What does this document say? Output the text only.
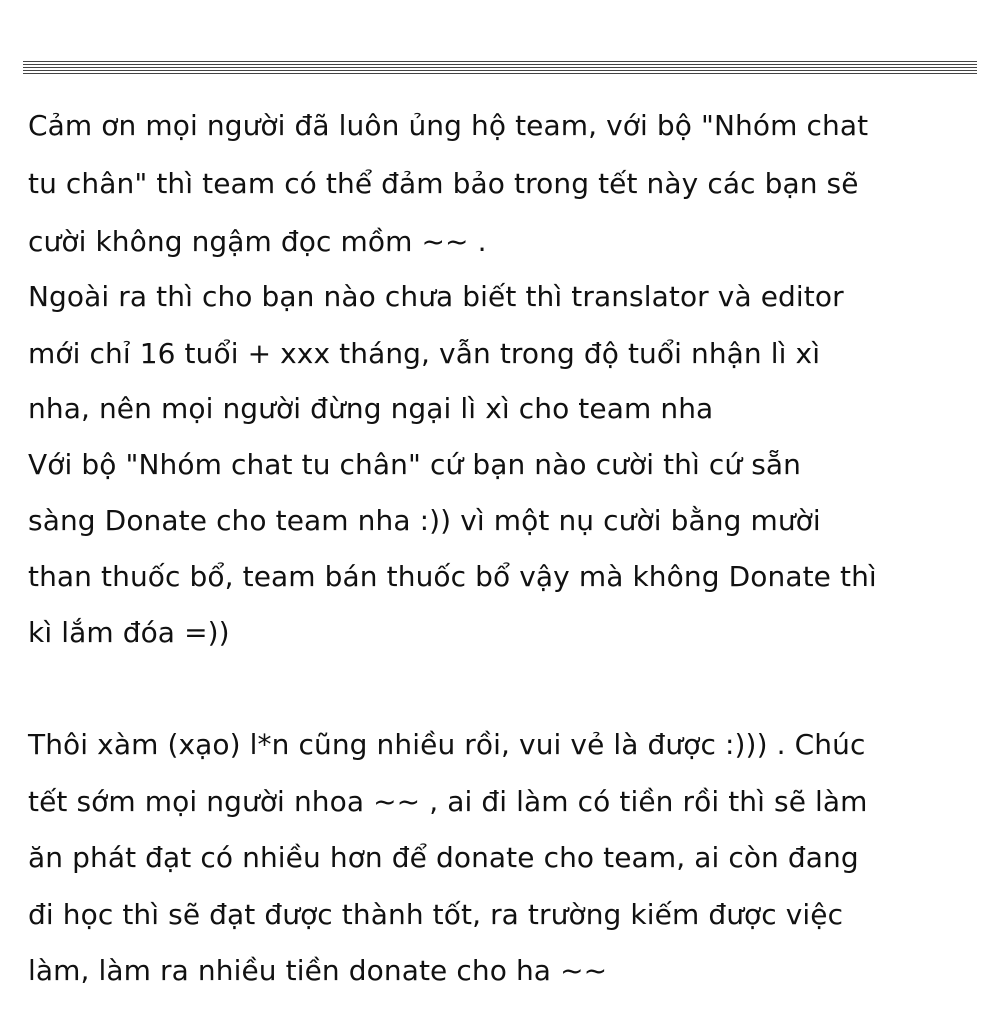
Cảm ơn mọi người đã luôn ủng hộ team, với bộ "Nhóm chat
tu chân" thì team có thể đảm bảo trong tết này các bạn sẽ
cười không ngậm đọc mồm ~~ .
Ngoài ra thì cho bạn nào chưa biết thì translator và editor
mới chỉ 16 tuổi + xxx tháng, vẫn trong độ tuổi nhận lì xì
nha, nên mọi người đừng ngại lì xì cho team nha
Với bộ "Nhóm chat tu chân" cứ bạn nào cười thì cứ sẵn
sàng Donate cho team nha :)) vì một nụ cười bằng mười
than thuốc bổ, team bán thuốc bổ vậy mà không Donate thì
kì lắm đóa =))
Thôi xàm (xạo) l*n cũng nhiều rồi, vui vẻ là được :))) . Chúc
tết sớm mọi người nhoa ~~ , ai đi làm có tiền rồi thì sẽ làm
ăn phát đạt có nhiều hơn để donate cho team, ai còn đang
đi học thì sẽ đạt được thành tốt, ra trường kiếm được việc
làm, làm ra nhiều tiền donate cho ha ~~
